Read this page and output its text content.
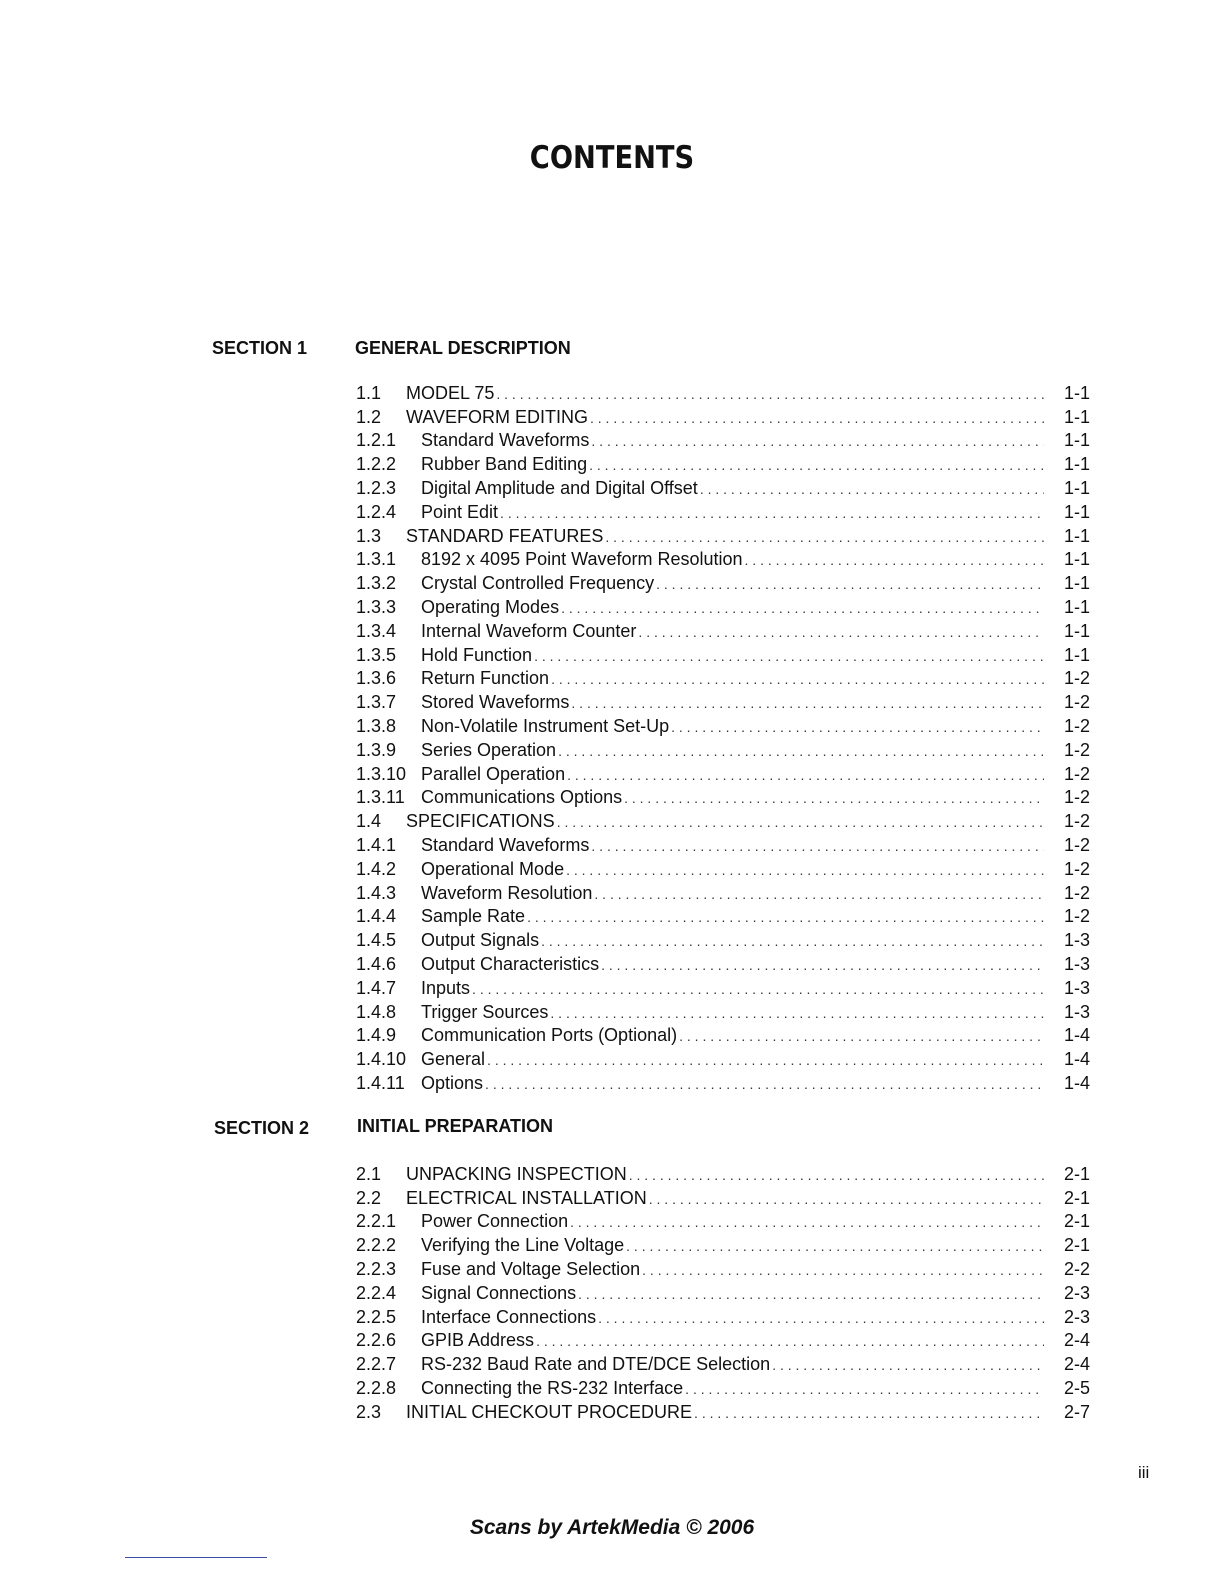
CONTENTS
SECTION 1	GENERAL DESCRIPTION
1.1	MODEL 75 . . .	1-1
1.2	WAVEFORM EDITING . . .	1-1
1.2.1	Standard Waveforms . . .	1-1
1.2.2	Rubber Band Editing . . .	1-1
1.2.3	Digital Amplitude and Digital Offset . . .	1-1
1.2.4	Point Edit . . .	1-1
1.3	STANDARD FEATURES . . .	1-1
1.3.1	8192 x 4095 Point Waveform Resolution . . .	1-1
1.3.2	Crystal Controlled Frequency . . .	1-1
1.3.3	Operating Modes . . .	1-1
1.3.4	Internal Waveform Counter . . .	1-1
1.3.5	Hold Function . . .	1-1
1.3.6	Return Function . . .	1-2
1.3.7	Stored Waveforms . . .	1-2
1.3.8	Non-Volatile Instrument Set-Up . . .	1-2
1.3.9	Series Operation . . .	1-2
1.3.10 Parallel Operation . . .	1-2
1.3.11 Communications Options . . .	1-2
1.4	SPECIFICATIONS . . .	1-2
1.4.1	Standard Waveforms . . .	1-2
1.4.2	Operational Mode . . .	1-2
1.4.3	Waveform Resolution . . .	1-2
1.4.4	Sample Rate . . .	1-2
1.4.5	Output Signals . . .	1-3
1.4.6	Output Characteristics . . .	1-3
1.4.7	Inputs . . .	1-3
1.4.8	Trigger Sources . . .	1-3
1.4.9	Communication Ports (Optional) . . .	1-4
1.4.10 General . . .	1-4
1.4.11 Options . . .	1-4
SECTION 2	INITIAL PREPARATION
2.1	UNPACKING INSPECTION . . .	2-1
2.2	ELECTRICAL INSTALLATION . . .	2-1
2.2.1	Power Connection . . .	2-1
2.2.2	Verifying the Line Voltage . . .	2-1
2.2.3	Fuse and Voltage Selection . . .	2-2
2.2.4	Signal Connections . . .	2-3
2.2.5	Interface Connections . . .	2-3
2.2.6	GPIB Address . . .	2-4
2.2.7	RS-232 Baud Rate and DTE/DCE Selection . . .	2-4
2.2.8	Connecting the RS-232 Interface . . .	2-5
2.3	INITIAL CHECKOUT PROCEDURE . . .	2-7
iii
Scans by ArtekMedia © 2006
